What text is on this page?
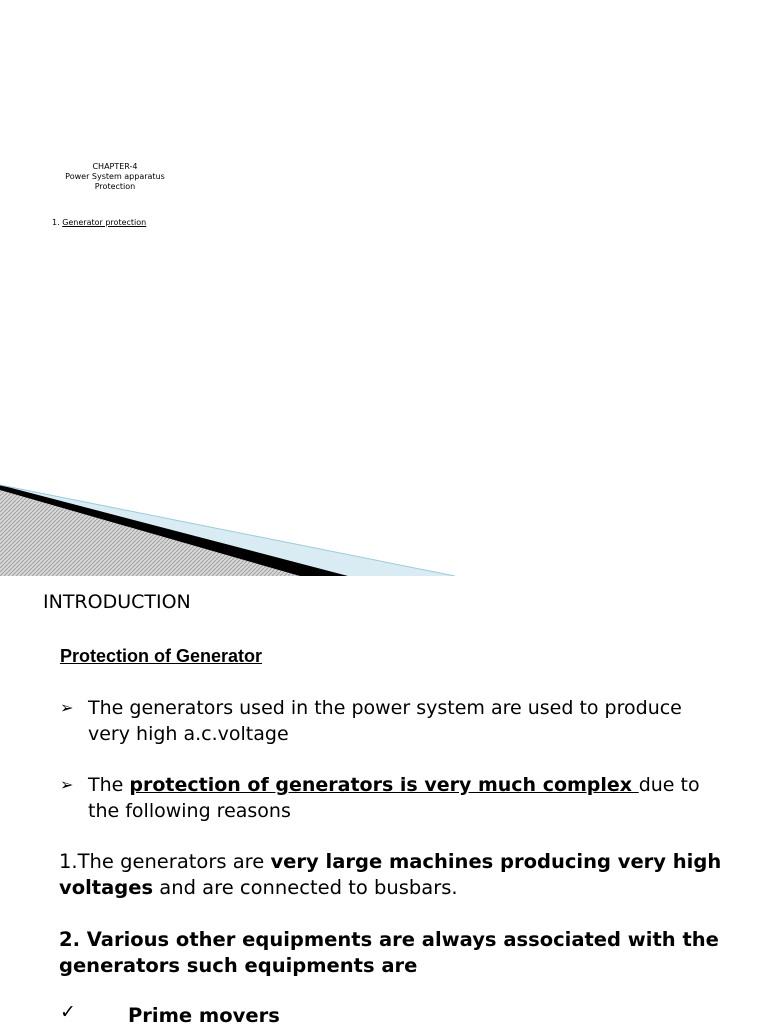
CHAPTER-4
Power System apparatus
Protection
1. Generator protection
INTRODUCTION
Protection of Generator
➢ The generators used in the power system are used to produce very high a.c.voltage
➢ The protection of generators is very much complex due to the following reasons
1.The generators are very large machines producing very high voltages and are connected to busbars.
2. Various other equipments are always associated with the generators such equipments are
✓	Prime movers
